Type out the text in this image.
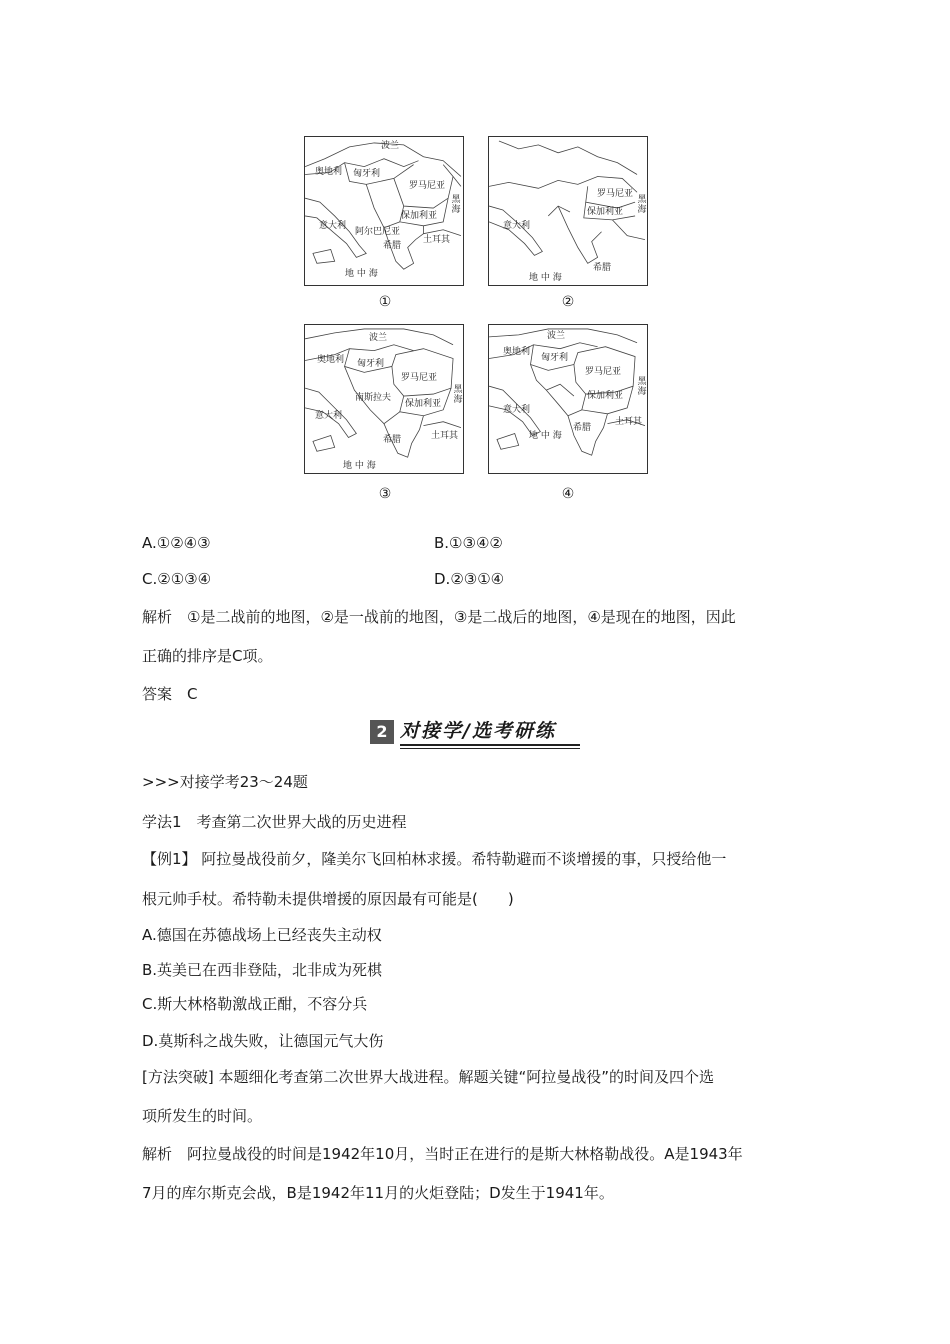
波兰
奥地利 匈牙利
罗马尼亚
黑海
保加利亚
意大利
阿尔巴尼亚
土耳其
希腊
地 中 海
①
罗马尼亚
黑海
保加利亚
意大利
希腊
地 中 海
②
波兰
奥地利 匈牙利
罗马尼亚
南斯拉夫
黑海
保加利亚
意大利
土耳其
希腊
地 中 海
③
波兰
奥地利
匈牙利
罗马尼亚
黑海
保加利亚
意大利
土耳其
希腊
地 中 海
④
A.①②④③	B.①③④②
C.②①③④	D.②③①④
解析　①是二战前的地图，②是一战前的地图，③是二战后的地图，④是现在的地图，因此
正确的排序是C项。
答案　C
2 对接学/选考研练
>>>对接学考23～24题
学法1　考查第二次世界大战的历史进程
【例1】 阿拉曼战役前夕，隆美尔飞回柏林求援。希特勒避而不谈增援的事，只授给他一
根元帅手杖。希特勒未提供增援的原因最有可能是(　　)
A.德国在苏德战场上已经丧失主动权
B.英美已在西非登陆，北非成为死棋
C.斯大林格勒激战正酣，不容分兵
D.莫斯科之战失败，让德国元气大伤
[方法突破] 本题细化考查第二次世界大战进程。解题关键“阿拉曼战役”的时间及四个选
项所发生的时间。
解析　阿拉曼战役的时间是1942年10月，当时正在进行的是斯大林格勒战役。A是1943年
7月的库尔斯克会战，B是1942年11月的火炬登陆；D发生于1941年。
